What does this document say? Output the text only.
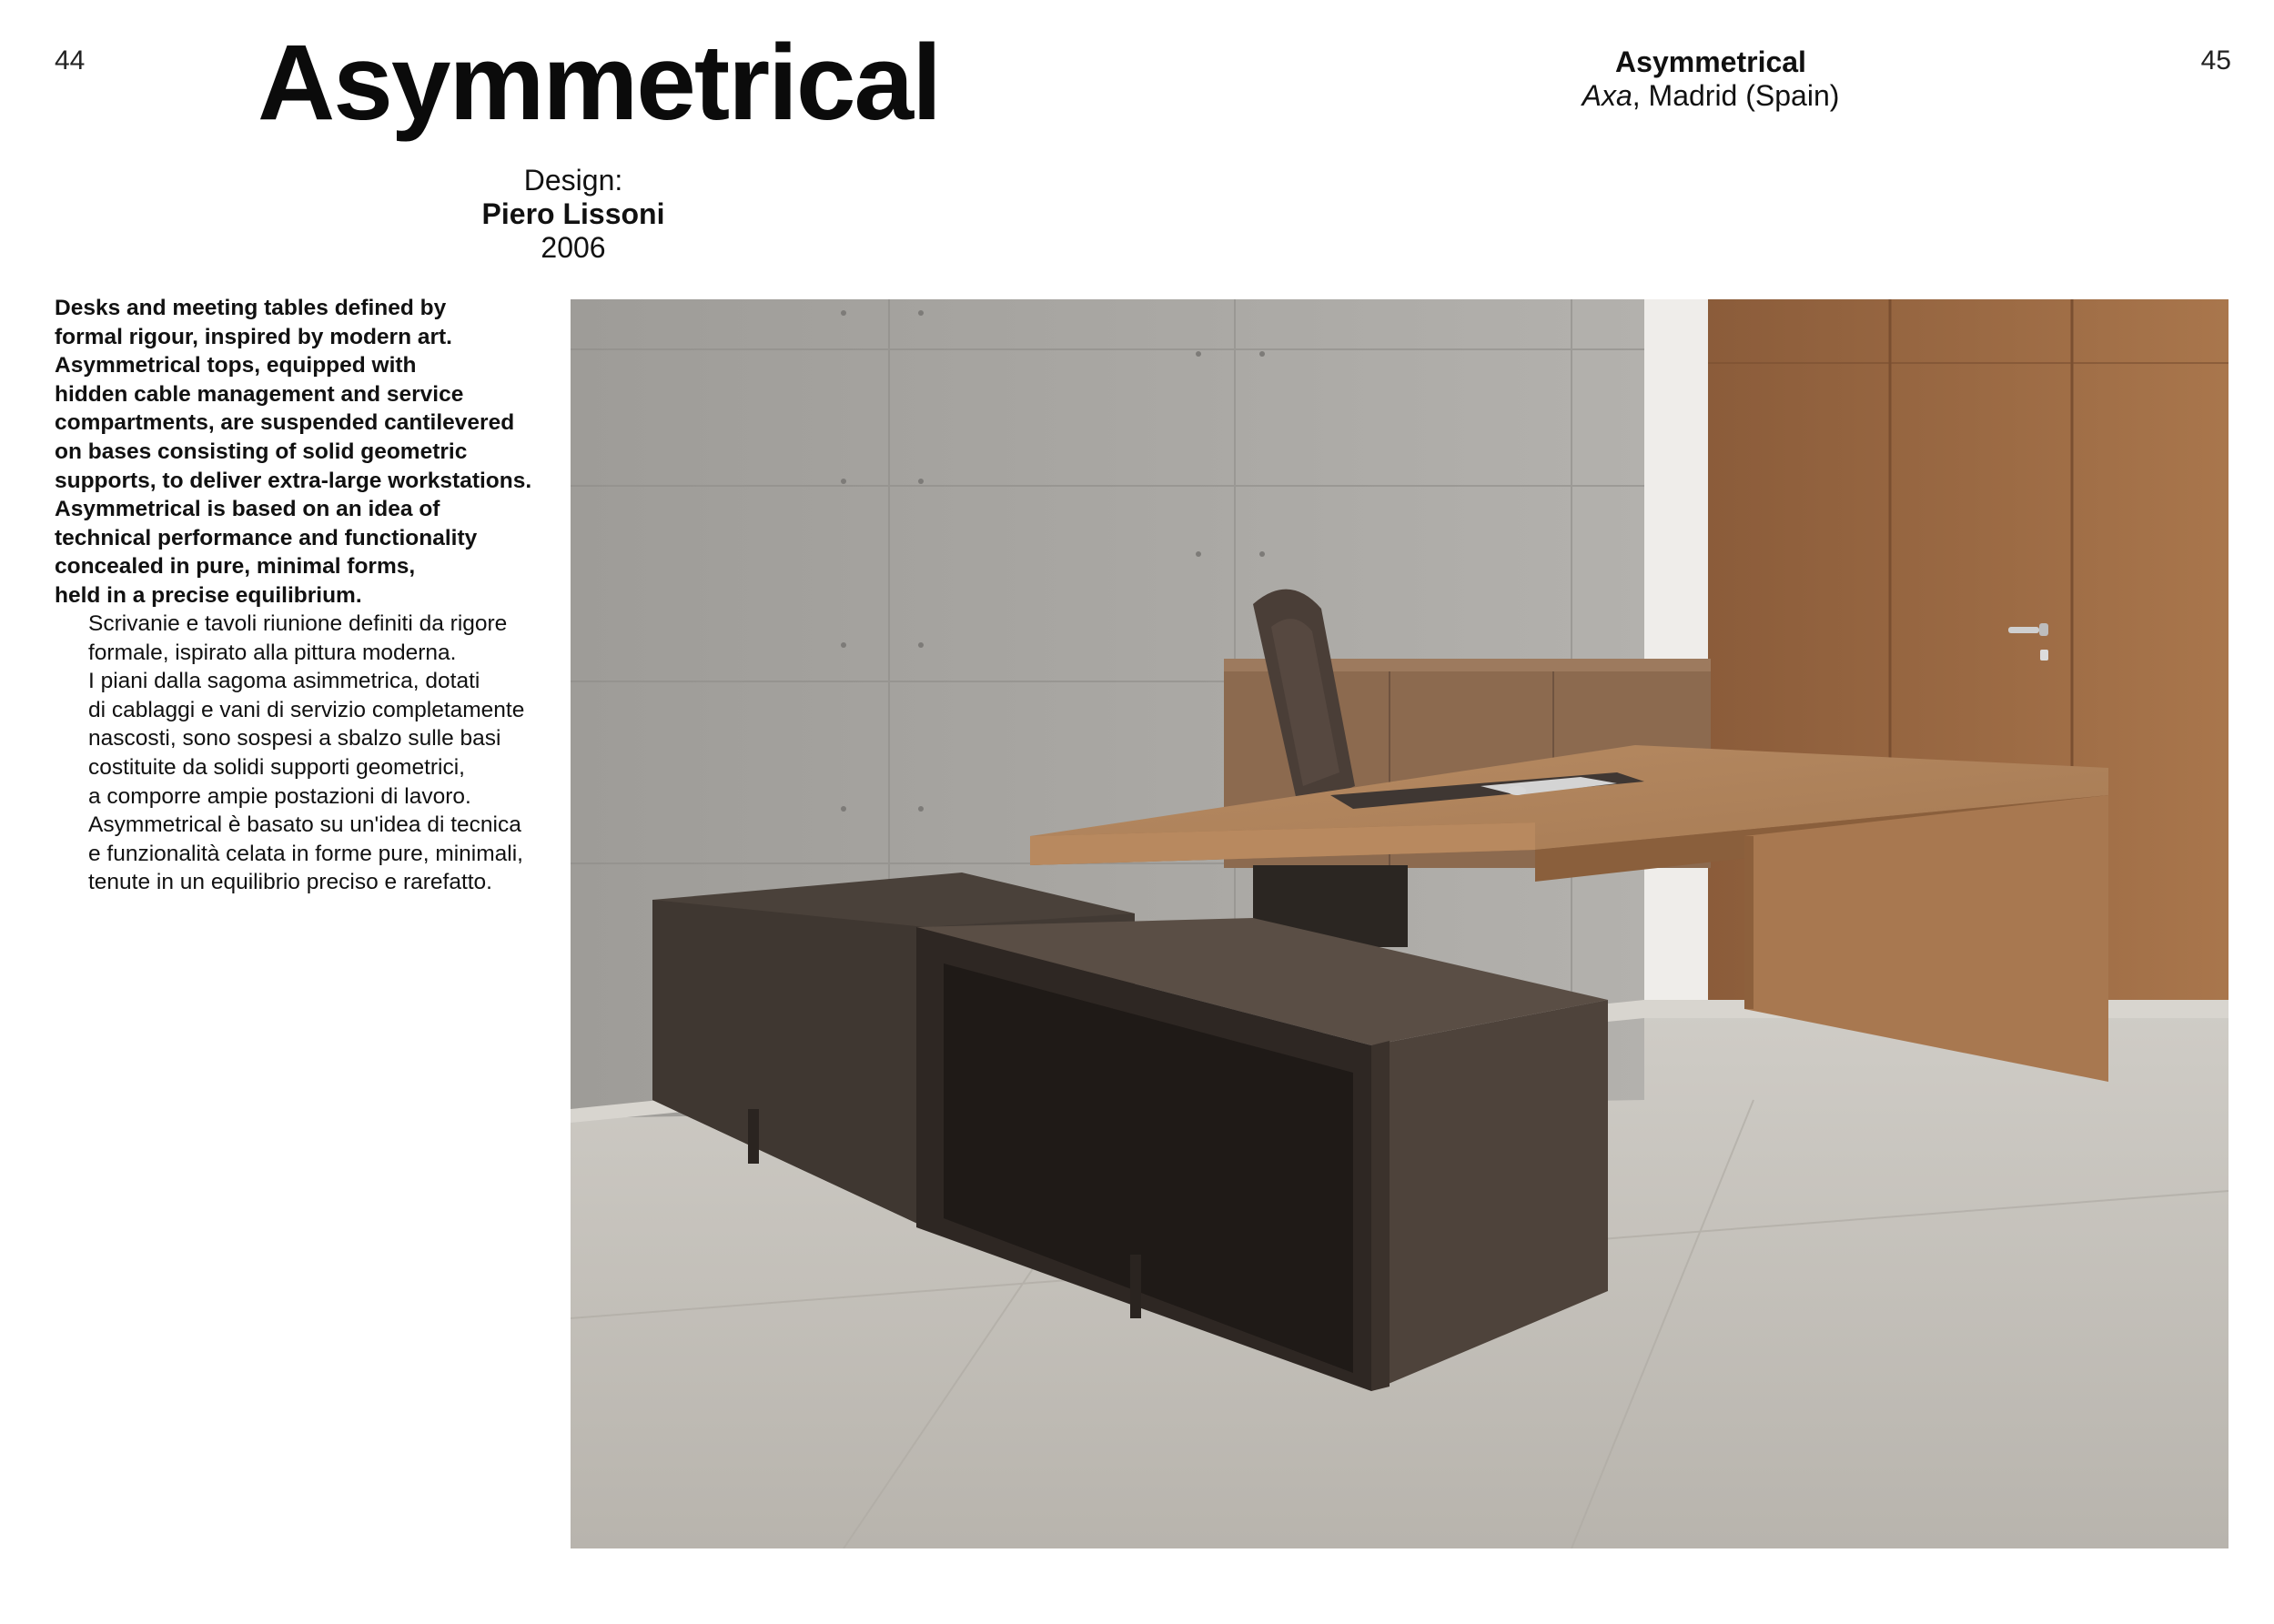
44	45
Asymmetrical
Design:
Piero Lissoni
2006
Asymmetrical
Axa, Madrid (Spain)
Desks and meeting tables defined by
formal rigour, inspired by modern art.
Asymmetrical tops, equipped with
hidden cable management and service
compartments, are suspended cantilevered
on bases consisting of solid geometric
supports, to deliver extra-large workstations.
Asymmetrical is based on an idea of
technical performance and functionality
concealed in pure, minimal forms,
held in a precise equilibrium.
Scrivanie e tavoli riunione definiti da rigore
formale, ispirato alla pittura moderna.
I piani dalla sagoma asimmetrica, dotati
di cablaggi e vani di servizio completamente
nascosti, sono sospesi a sbalzo sulle basi
costituite da solidi supporti geometrici,
a comporre ampie postazioni di lavoro.
Asymmetrical è basato su un'idea di tecnica
e funzionalità celata in forme pure, minimali,
tenute in un equilibrio preciso e rarefatto.
